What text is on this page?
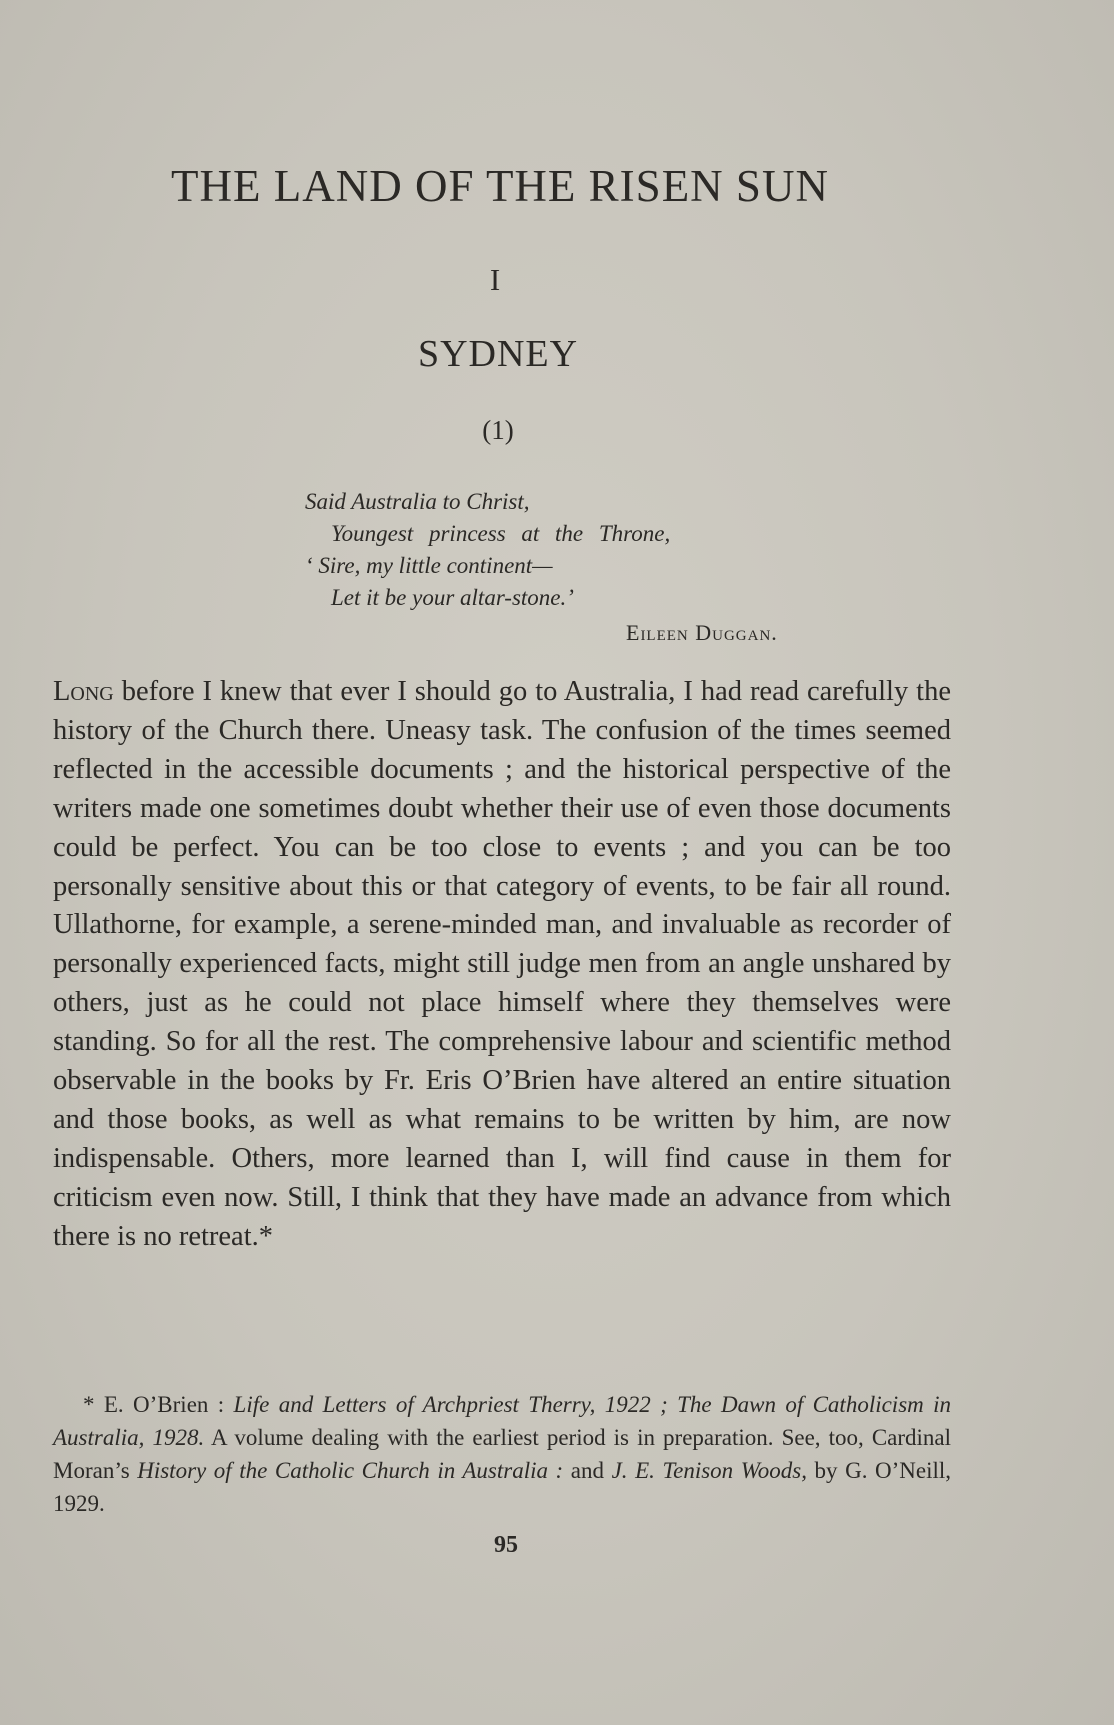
THE LAND OF THE RISEN SUN
I
SYDNEY
(1)
Said Australia to Christ,
Youngest princess at the Throne,
‘ Sire, my little continent—
Let it be your altar-stone.’
Eileen Duggan.

Long before I knew that ever I should go to Australia, I had read carefully the history of the Church there. Uneasy task. The confusion of the times seemed reflected in the accessible documents ; and the historical perspective of the writers made one sometimes doubt whether their use of even those documents could be perfect. You can be too close to events ; and you can be too personally sensitive about this or that category of events, to be fair all round. Ullathorne, for example, a serene-minded man, and invaluable as recorder of personally experienced facts, might still judge men from an angle unshared by others, just as he could not place himself where they themselves were standing. So for all the rest. The comprehensive labour and scientific method observable in the books by Fr. Eris O’Brien have altered an entire situation and those books, as well as what remains to be written by him, are now indispensable. Others, more learned than I, will find cause in them for criticism even now. Still, I think that they have made an advance from which there is no retreat.*

* E. O’Brien : Life and Letters of Archpriest Therry, 1922 ; The Dawn of Catholicism in Australia, 1928. A volume dealing with the earliest period is in preparation. See, too, Cardinal Moran’s History of the Catholic Church in Australia : and J. E. Tenison Woods, by G. O’Neill, 1929.

95
